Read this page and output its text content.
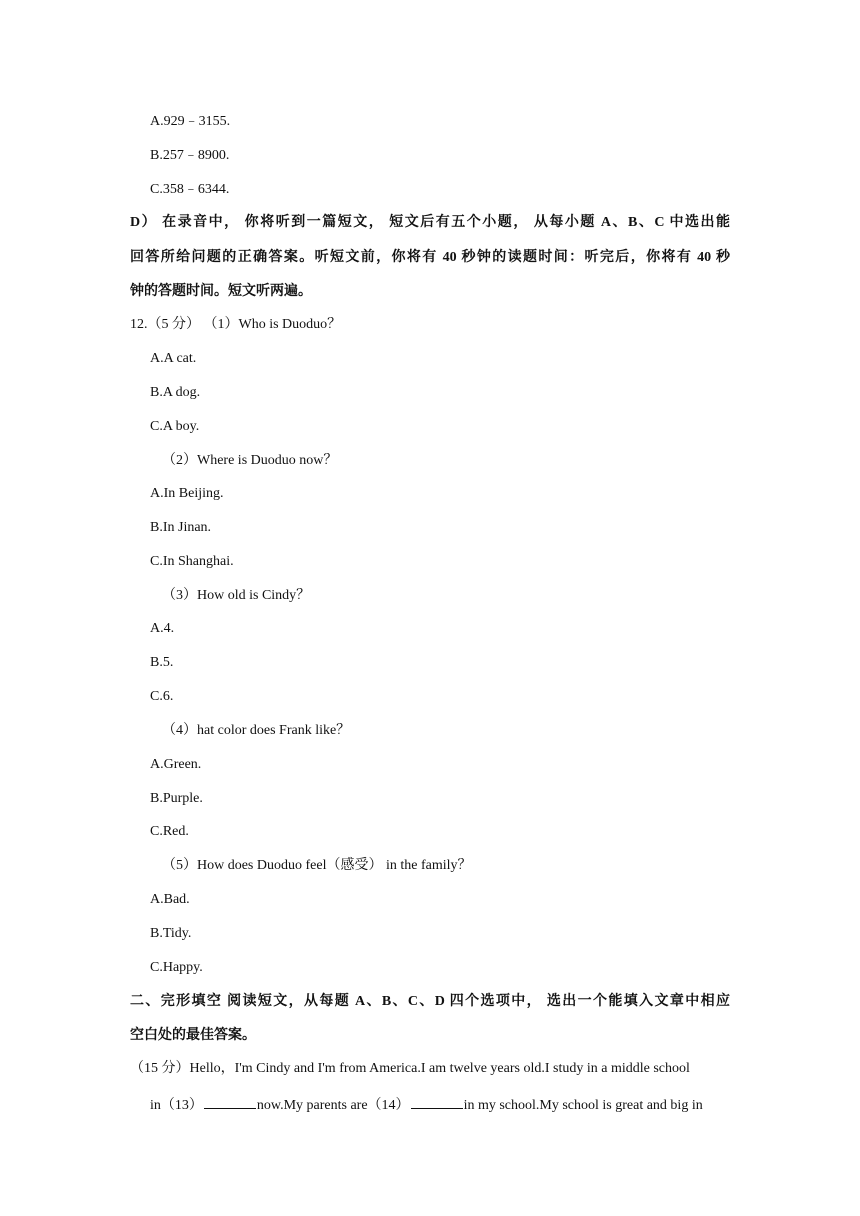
A.929﹣3155.
B.257﹣8900.
C.358﹣6344.
D） 在录音中， 你将听到一篇短文， 短文后有五个小题， 从每小题 A、B、C 中选出能
回答所给问题的正确答案。听短文前，你将有 40 秒钟的读题时间：听完后，你将有 40 秒
钟的答题时间。短文听两遍。
12.（5 分） （1）Who is Duoduo？
A.A cat.
B.A dog.
C.A boy.
（2）Where is Duoduo now？
A.In Beijing.
B.In Jinan.
C.In Shanghai.
（3）How old is Cindy？
A.4.
B.5.
C.6.
（4）hat color does Frank like？
A.Green.
B.Purple.
C.Red.
（5）How does Duoduo feel（感受） in the family？
A.Bad.
B.Tidy.
C.Happy.
二、完形填空 阅读短文，从每题 A、B、C、D 四个选项中， 选出一个能填入文章中相应
空白处的最佳答案。
（15 分）Hello，I'm Cindy and I'm from America.I am twelve years old.I study in a middle school
in（13）	now.My parents are（14）	in my school.My school is great and big in
